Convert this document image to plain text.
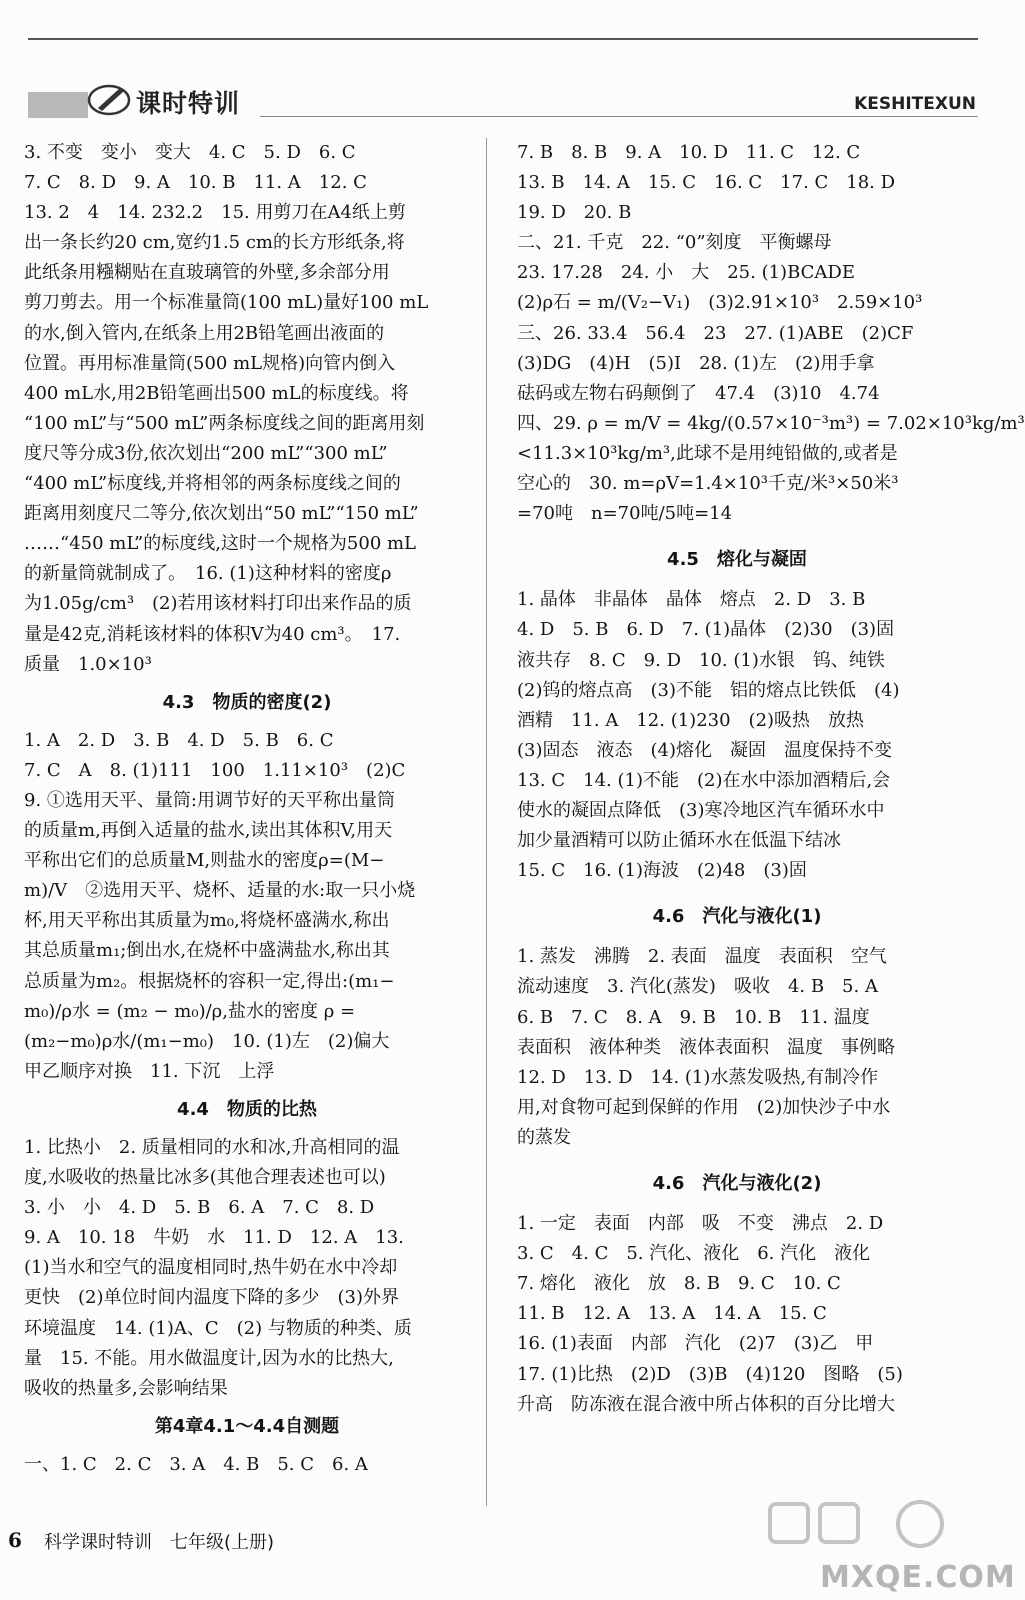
课时特训	KESHITEXUN

3. 不变　变小　变大　4. C　5. D　6. C

7. C　8. D　9. A　10. B　11. A　12. C

13. 2　4　14. 232.2　15. 用剪刀在A4纸上剪

出一条长约20 cm,宽约1.5 cm的长方形纸条,将

此纸条用糨糊贴在直玻璃管的外壁,多余部分用

剪刀剪去。用一个标准量筒(100 mL)量好100 mL

的水,倒入管内,在纸条上用2B铅笔画出液面的

位置。再用标准量筒(500 mL规格)向管内倒入

400 mL水,用2B铅笔画出500 mL的标度线。将

“100 mL”与“500 mL”两条标度线之间的距离用刻

度尺等分成3份,依次划出“200 mL”“300 mL”

“400 mL”标度线,并将相邻的两条标度线之间的

距离用刻度尺二等分,依次划出“50 mL”“150 mL”

……“450 mL”的标度线,这时一个规格为500 mL

的新量筒就制成了。　16. (1)这种材料的密度ρ

为1.05g/cm³　(2)若用该材料打印出来作品的质

量是42克,消耗该材料的体积V为40 cm³。　17.

质量　1.0×10³

4.3　物质的密度(2)

1. A　2. D　3. B　4. D　5. B　6. C

7. C　A　8. (1)111　100　1.11×10³　(2)C

9. ①选用天平、量筒:用调节好的天平称出量筒

的质量m,再倒入适量的盐水,读出其体积V,用天

平称出它们的总质量M,则盐水的密度ρ=(M−

m)/V　②选用天平、烧杯、适量的水:取一只小烧

杯,用天平称出其质量为m₀,将烧杯盛满水,称出

其总质量m₁;倒出水,在烧杯中盛满盐水,称出其

总质量为m₂。根据烧杯的容积一定,得出:(m₁−

m₀)/ρ水 = (m₂ − m₀)/ρ,盐水的密度 ρ =

(m₂−m₀)ρ水/(m₁−m₀)　10. (1)左　(2)偏大

甲乙顺序对换　11. 下沉　上浮

4.4　物质的比热

1. 比热小　2. 质量相同的水和冰,升高相同的温

度,水吸收的热量比冰多(其他合理表述也可以)

3. 小　小　4. D　5. B　6. A　7. C　8. D

9. A　10. 18　牛奶　水　11. D　12. A　13.

(1)当水和空气的温度相同时,热牛奶在水中冷却

更快　(2)单位时间内温度下降的多少　(3)外界

环境温度　14. (1)A、C　(2) 与物质的种类、质

量　15. 不能。用水做温度计,因为水的比热大,

吸收的热量多,会影响结果

第4章4.1～4.4自测题

一、1. C　2. C　3. A　4. B　5. C　6. A

7. B　8. B　9. A　10. D　11. C　12. C

13. B　14. A　15. C　16. C　17. C　18. D

19. D　20. B

二、21. 千克　22. “0”刻度　平衡螺母

23. 17.28　24. 小　大　25. (1)BCADE

(2)ρ石 = m/(V₂−V₁)　(3)2.91×10³　2.59×10³

三、26. 33.4　56.4　23　27. (1)ABE　(2)CF

(3)DG　(4)H　(5)I　28. (1)左　(2)用手拿

砝码或左物右码颠倒了　47.4　(3)10　4.74

四、29. ρ = m/V = 4kg/(0.57×10⁻³m³) = 7.02×10³kg/m³

<11.3×10³kg/m³,此球不是用纯铅做的,或者是

空心的　30. m=ρV=1.4×10³千克/米³×50米³

=70吨　n=70吨/5吨=14

4.5　熔化与凝固

1. 晶体　非晶体　晶体　熔点　2. D　3. B

4. D　5. B　6. D　7. (1)晶体　(2)30　(3)固

液共存　8. C　9. D　10. (1)水银　钨、纯铁

(2)钨的熔点高　(3)不能　铝的熔点比铁低　(4)

酒精　11. A　12. (1)230　(2)吸热　放热

(3)固态　液态　(4)熔化　凝固　温度保持不变

13. C　14. (1)不能　(2)在水中添加酒精后,会

使水的凝固点降低　(3)寒冷地区汽车循环水中

加少量酒精可以防止循环水在低温下结冰

15. C　16. (1)海波　(2)48　(3)固

4.6　汽化与液化(1)

1. 蒸发　沸腾　2. 表面　温度　表面积　空气

流动速度　3. 汽化(蒸发)　吸收　4. B　5. A

6. B　7. C　8. A　9. B　10. B　11. 温度

表面积　液体种类　液体表面积　温度　事例略

12. D　13. D　14. (1)水蒸发吸热,有制冷作

用,对食物可起到保鲜的作用　(2)加快沙子中水

的蒸发

4.6　汽化与液化(2)

1. 一定　表面　内部　吸　不变　沸点　2. D

3. C　4. C　5. 汽化、液化　6. 汽化　液化

7. 熔化　液化　放　8. B　9. C　10. C

11. B　12. A　13. A　14. A　15. C

16. (1)表面　内部　汽化　(2)7　(3)乙　甲

17. (1)比热　(2)D　(3)B　(4)120　图略　(5)

升高　防冻液在混合液中所占体积的百分比增大

6 科学课时特训　七年级(上册)
MXQE.COM
